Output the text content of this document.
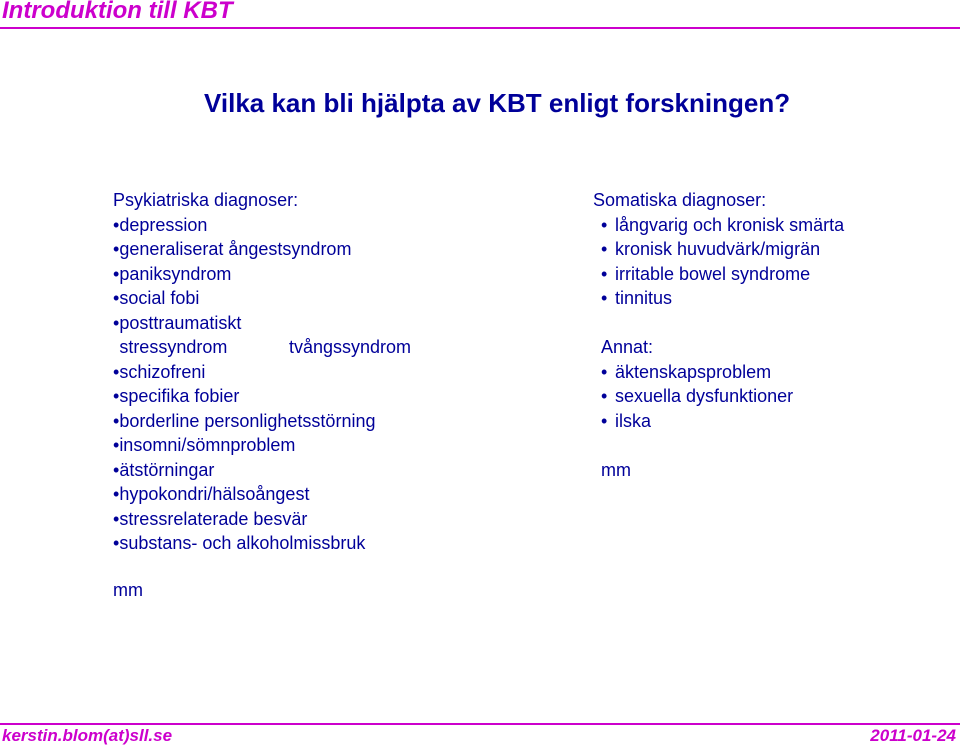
Introduktion till KBT
Vilka kan bli hjälpta av KBT enligt forskningen?
Psykiatriska diagnoser:
•depression
•generaliserat ångestsyndrom
•paniksyndrom
•social fobi
•posttraumatiskt stressyndrom	tvångssyndrom
•schizofreni
•specifika fobier
•borderline personlighetsstörning
•insomni/sömnproblem
•ätstörningar
•hypokondri/hälsoångest
•stressrelaterade besvär
•substans- och alkoholmissbruk
mm
Somatiska diagnoser:
• långvarig och kronisk smärta
• kronisk huvudvärk/migrän
• irritable bowel syndrome
• tinnitus
Annat:
• äktenskapsproblem
• sexuella dysfunktioner
• ilska
mm
kerstin.blom(at)sll.se	2011-01-24
